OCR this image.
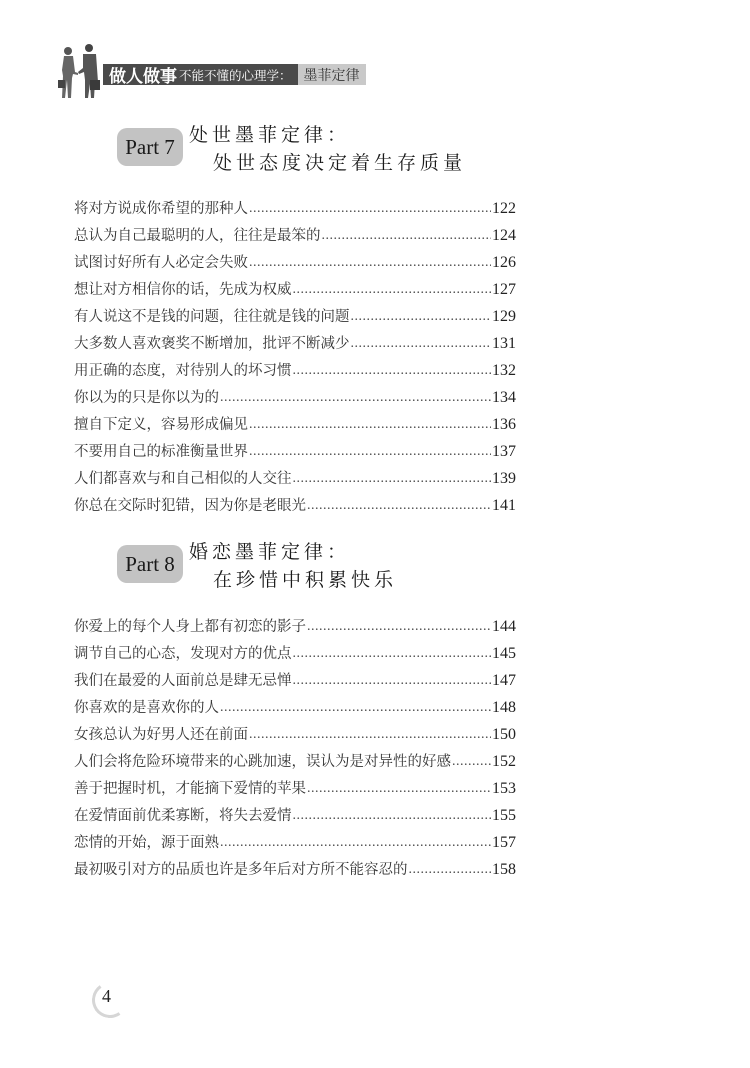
做人做事 不能不懂的心理学： 墨菲定律
Part 7 处世墨菲定律：
处世态度决定着生存质量
将对方说成你希望的那种人 .....	122
总认为自己最聪明的人，往往是最笨的 .....	124
试图讨好所有人必定会失败 .....	126
想让对方相信你的话，先成为权威 .....	127
有人说这不是钱的问题，往往就是钱的问题 .....	129
大多数人喜欢褒奖不断增加，批评不断减少 .....	131
用正确的态度，对待别人的坏习惯 .....	132
你以为的只是你以为的 .....	134
擅自下定义，容易形成偏见 .....	136
不要用自己的标准衡量世界 .....	137
人们都喜欢与和自己相似的人交往 .....	139
你总在交际时犯错，因为你是老眼光 .....	141
Part 8 婚恋墨菲定律：
在珍惜中积累快乐
你爱上的每个人身上都有初恋的影子 .....	144
调节自己的心态，发现对方的优点 .....	145
我们在最爱的人面前总是肆无忌惮 .....	147
你喜欢的是喜欢你的人 .....	148
女孩总认为好男人还在前面 .....	150
人们会将危险环境带来的心跳加速，误认为是对异性的好感 .....	152
善于把握时机，才能摘下爱情的苹果 .....	153
在爱情面前优柔寡断，将失去爱情 .....	155
恋情的开始，源于面熟 .....	157
最初吸引对方的品质也许是多年后对方所不能容忍的 .....	158
4
